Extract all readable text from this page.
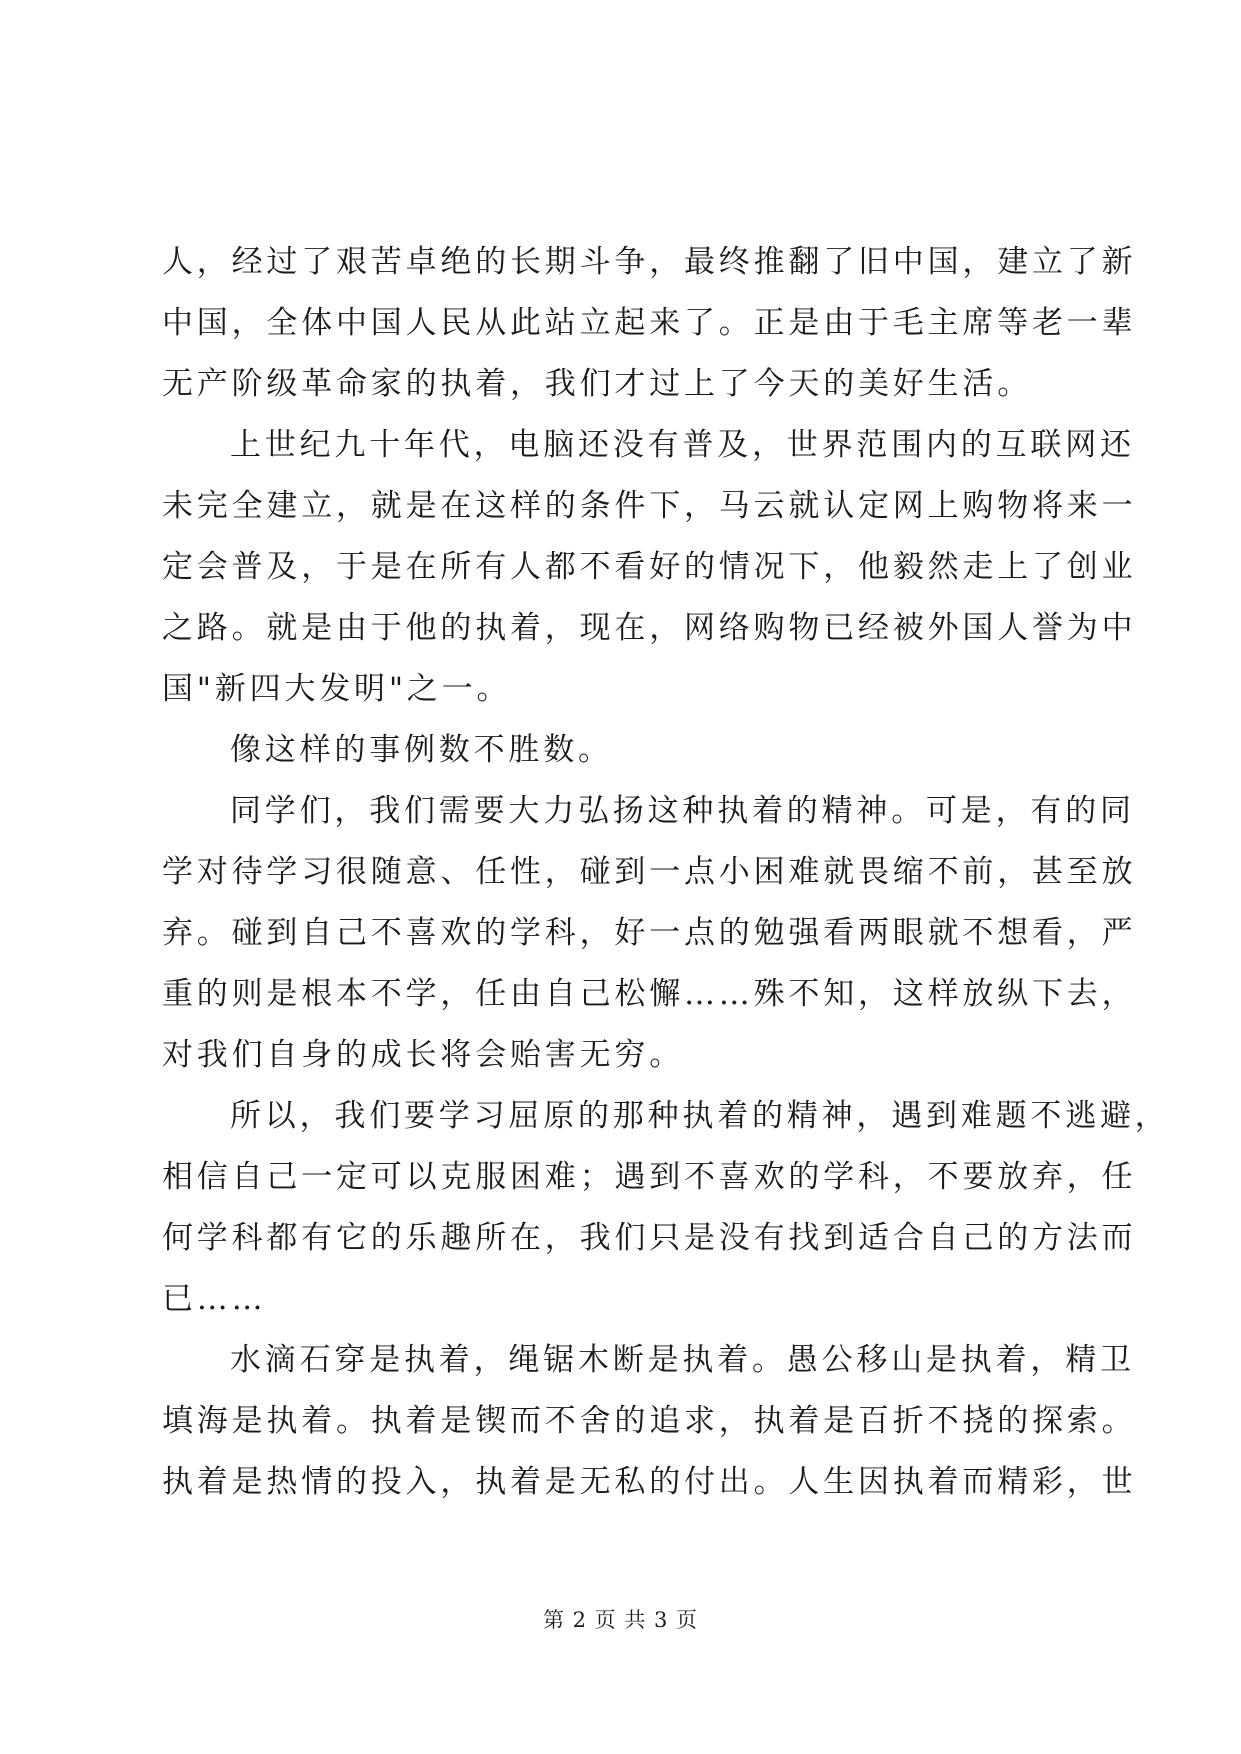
人，经过了艰苦卓绝的长期斗争，最终推翻了旧中国，建立了新
中国，全体中国人民从此站立起来了。正是由于毛主席等老一辈
无产阶级革命家的执着，我们才过上了今天的美好生活。
上世纪九十年代，电脑还没有普及，世界范围内的互联网还
未完全建立，就是在这样的条件下，马云就认定网上购物将来一
定会普及，于是在所有人都不看好的情况下，他毅然走上了创业
之路。就是由于他的执着，现在，网络购物已经被外国人誉为中
国"新四大发明"之一。
像这样的事例数不胜数。
同学们，我们需要大力弘扬这种执着的精神。可是，有的同
学对待学习很随意、任性，碰到一点小困难就畏缩不前，甚至放
弃。碰到自己不喜欢的学科，好一点的勉强看两眼就不想看，严
重的则是根本不学，任由自己松懈……殊不知，这样放纵下去，
对我们自身的成长将会贻害无穷。
所以，我们要学习屈原的那种执着的精神，遇到难题不逃避，
相信自己一定可以克服困难；遇到不喜欢的学科，不要放弃，任
何学科都有它的乐趣所在，我们只是没有找到适合自己的方法而
已……
水滴石穿是执着，绳锯木断是执着。愚公移山是执着，精卫
填海是执着。执着是锲而不舍的追求，执着是百折不挠的探索。
执着是热情的投入，执着是无私的付出。人生因执着而精彩，世
第 2 页 共 3 页
